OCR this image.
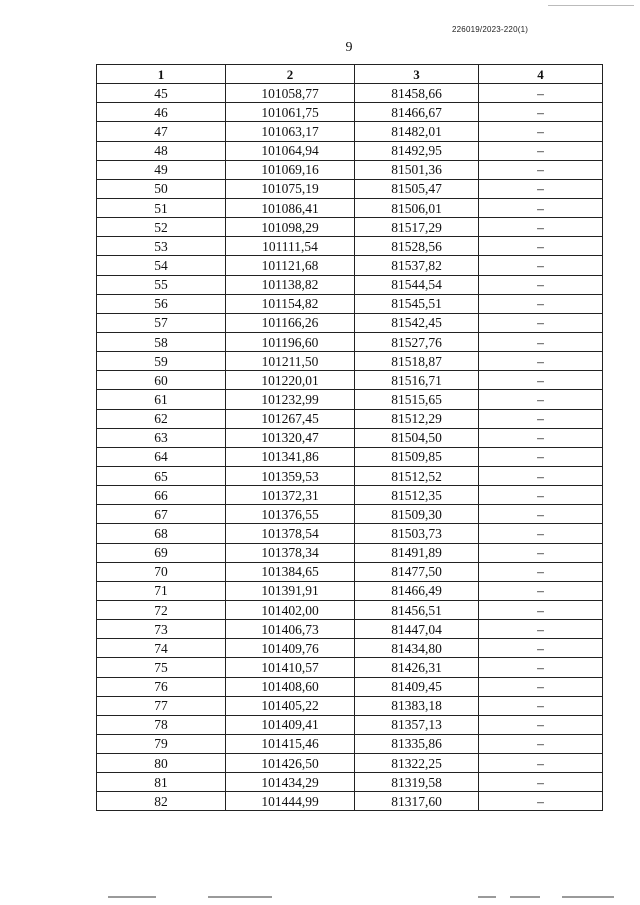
226019/2023-220(1)
9
1	2	3	4
45	101058,77	81458,66	–
46	101061,75	81466,67	–
47	101063,17	81482,01	–
48	101064,94	81492,95	–
49	101069,16	81501,36	–
50	101075,19	81505,47	–
51	101086,41	81506,01	–
52	101098,29	81517,29	–
53	101111,54	81528,56	–
54	101121,68	81537,82	–
55	101138,82	81544,54	–
56	101154,82	81545,51	–
57	101166,26	81542,45	–
58	101196,60	81527,76	–
59	101211,50	81518,87	–
60	101220,01	81516,71	–
61	101232,99	81515,65	–
62	101267,45	81512,29	–
63	101320,47	81504,50	–
64	101341,86	81509,85	–
65	101359,53	81512,52	–
66	101372,31	81512,35	–
67	101376,55	81509,30	–
68	101378,54	81503,73	–
69	101378,34	81491,89	–
70	101384,65	81477,50	–
71	101391,91	81466,49	–
72	101402,00	81456,51	–
73	101406,73	81447,04	–
74	101409,76	81434,80	–
75	101410,57	81426,31	–
76	101408,60	81409,45	–
77	101405,22	81383,18	–
78	101409,41	81357,13	–
79	101415,46	81335,86	–
80	101426,50	81322,25	–
81	101434,29	81319,58	–
82	101444,99	81317,60	–
